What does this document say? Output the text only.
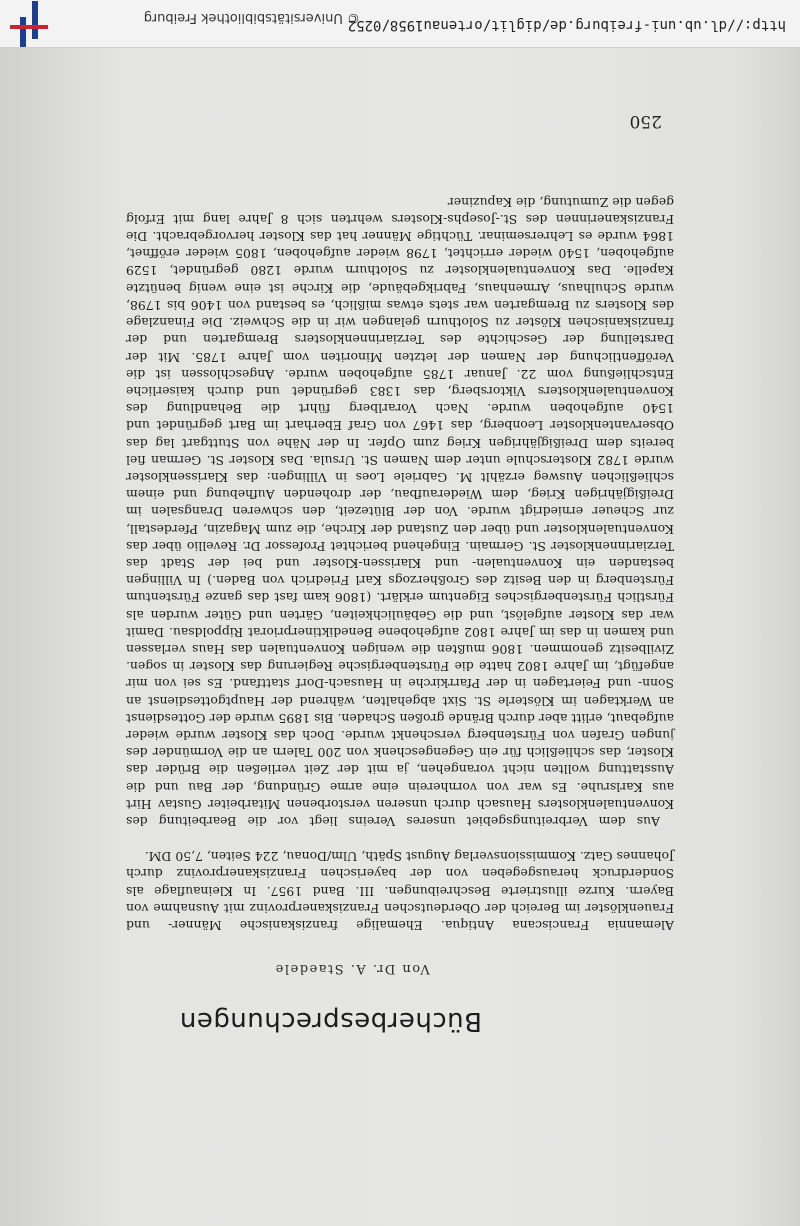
Bücherbesprechungen
Von Dr. A. Staedele
Alemannia Franciscana Antiqua. Ehemalige franziskanische Männer- und Frauenklöster im Bereich der Oberdeutschen Franziskanerprovinz mit Ausnahme von Bayern. Kurze illustrierte Beschreibungen. III. Band 1957. In Kleinauflage als Sonderdruck herausgegeben von der bayerischen Franziskanerprovinz durch Johannes Gatz. Kommissionsverlag August Späth, Ulm/Donau, 224 Seiten, 7,50 DM.
Aus dem Verbreitungsgebiet unseres Vereins liegt vor die Bearbeitung des Konventualenklosters Hausach durch unseren verstorbenen Mitarbeiter Gustav Hirt aus Karlsruhe. Es war von vornherein eine arme Gründung, der Bau und die Ausstattung wollten nicht vorangehen, ja mit der Zeit verließen die Brüder das Kloster, das schließlich für ein Gegengeschenk von 200 Talern an die Vormünder des jungen Grafen von Fürstenberg verschenkt wurde. Doch das Kloster wurde wieder aufgebaut, erlitt aber durch Brände großen Schaden. Bis 1895 wurde der Gottesdienst an Werktagen im Klösterle St. Sixt abgehalten, während der Hauptgottesdienst an Sonn- und Feiertagen in der Pfarrkirche in Hausach-Dorf stattfand. Es sei von mir angefügt, im Jahre 1802 hatte die Fürstenbergische Regierung das Kloster in sogen. Zivilbesitz genommen. 1806 mußten die wenigen Konventualen das Haus verlassen und kamen in das im Jahre 1802 aufgehobene Benediktinerpriorat Rippoldsau. Damit war das Kloster aufgelöst, und die Gebäulichkeiten, Gärten und Güter wurden als Fürstlich Fürstenbergisches Eigentum erklärt. (1806 kam fast das ganze Fürstentum Fürstenberg in den Besitz des Großherzogs Karl Friedrich von Baden.) In Villingen bestanden ein Konventualen- und Klarissen-Kloster und bei der Stadt das Terziarinnenkloster St. Germain. Eingehend berichtet Professor Dr. Revellio über das Konventualenkloster und über den Zustand der Kirche, die zum Magazin, Pferdestall, zur Scheuer erniedrigt wurde. Von der Blütezeit, den schweren Drangsalen im Dreißigjährigen Krieg, dem Wiederaufbau, der drohenden Aufhebung und einem schließlichen Ausweg erzählt M. Gabriele Loes in Villingen: das Klarissenkloster wurde 1782 Klosterschule unter dem Namen St. Ursula. Das Kloster St. German fiel bereits dem Dreißigjährigen Krieg zum Opfer. In der Nähe von Stuttgart lag das Observantenkloster Leonberg, das 1467 von Graf Eberhart im Bart gegründet und 1540 aufgehoben wurde. Nach Vorarlberg führt die Behandlung des Konventualenklosters Viktorsberg, das 1383 gegründet und durch kaiserliche Entschließung vom 22. Januar 1785 aufgehoben wurde. Angeschlossen ist die Veröffentlichung der Namen der letzten Minoriten vom Jahre 1785. Mit der Darstellung der Geschichte des Terziarinnenklosters Bremgarten und der franziskanischen Klöster zu Solothurn gelangen wir in die Schweiz. Die Finanzlage des Klosters zu Bremgarten war stets etwas mißlich, es bestand von 1406 bis 1798, wurde Schulhaus, Armenhaus, Fabrikgebäude, die Kirche ist eine wenig benützte Kapelle. Das Konventualenkloster zu Solothurn wurde 1280 gegründet, 1529 aufgehoben, 1540 wieder errichtet, 1798 wieder aufgehoben, 1805 wieder eröffnet, 1864 wurde es Lehrerseminar. Tüchtige Männer hat das Kloster hervorgebracht. Die Franziskanerinnen des St.-Josephs-Klosters wehrten sich 8 Jahre lang mit Erfolg gegen die Zumutung, die Kapuziner
250
© Universitätsbibliothek Freiburg
http://dl.ub.uni-freiburg.de/diglit/ortenau1958/0252
